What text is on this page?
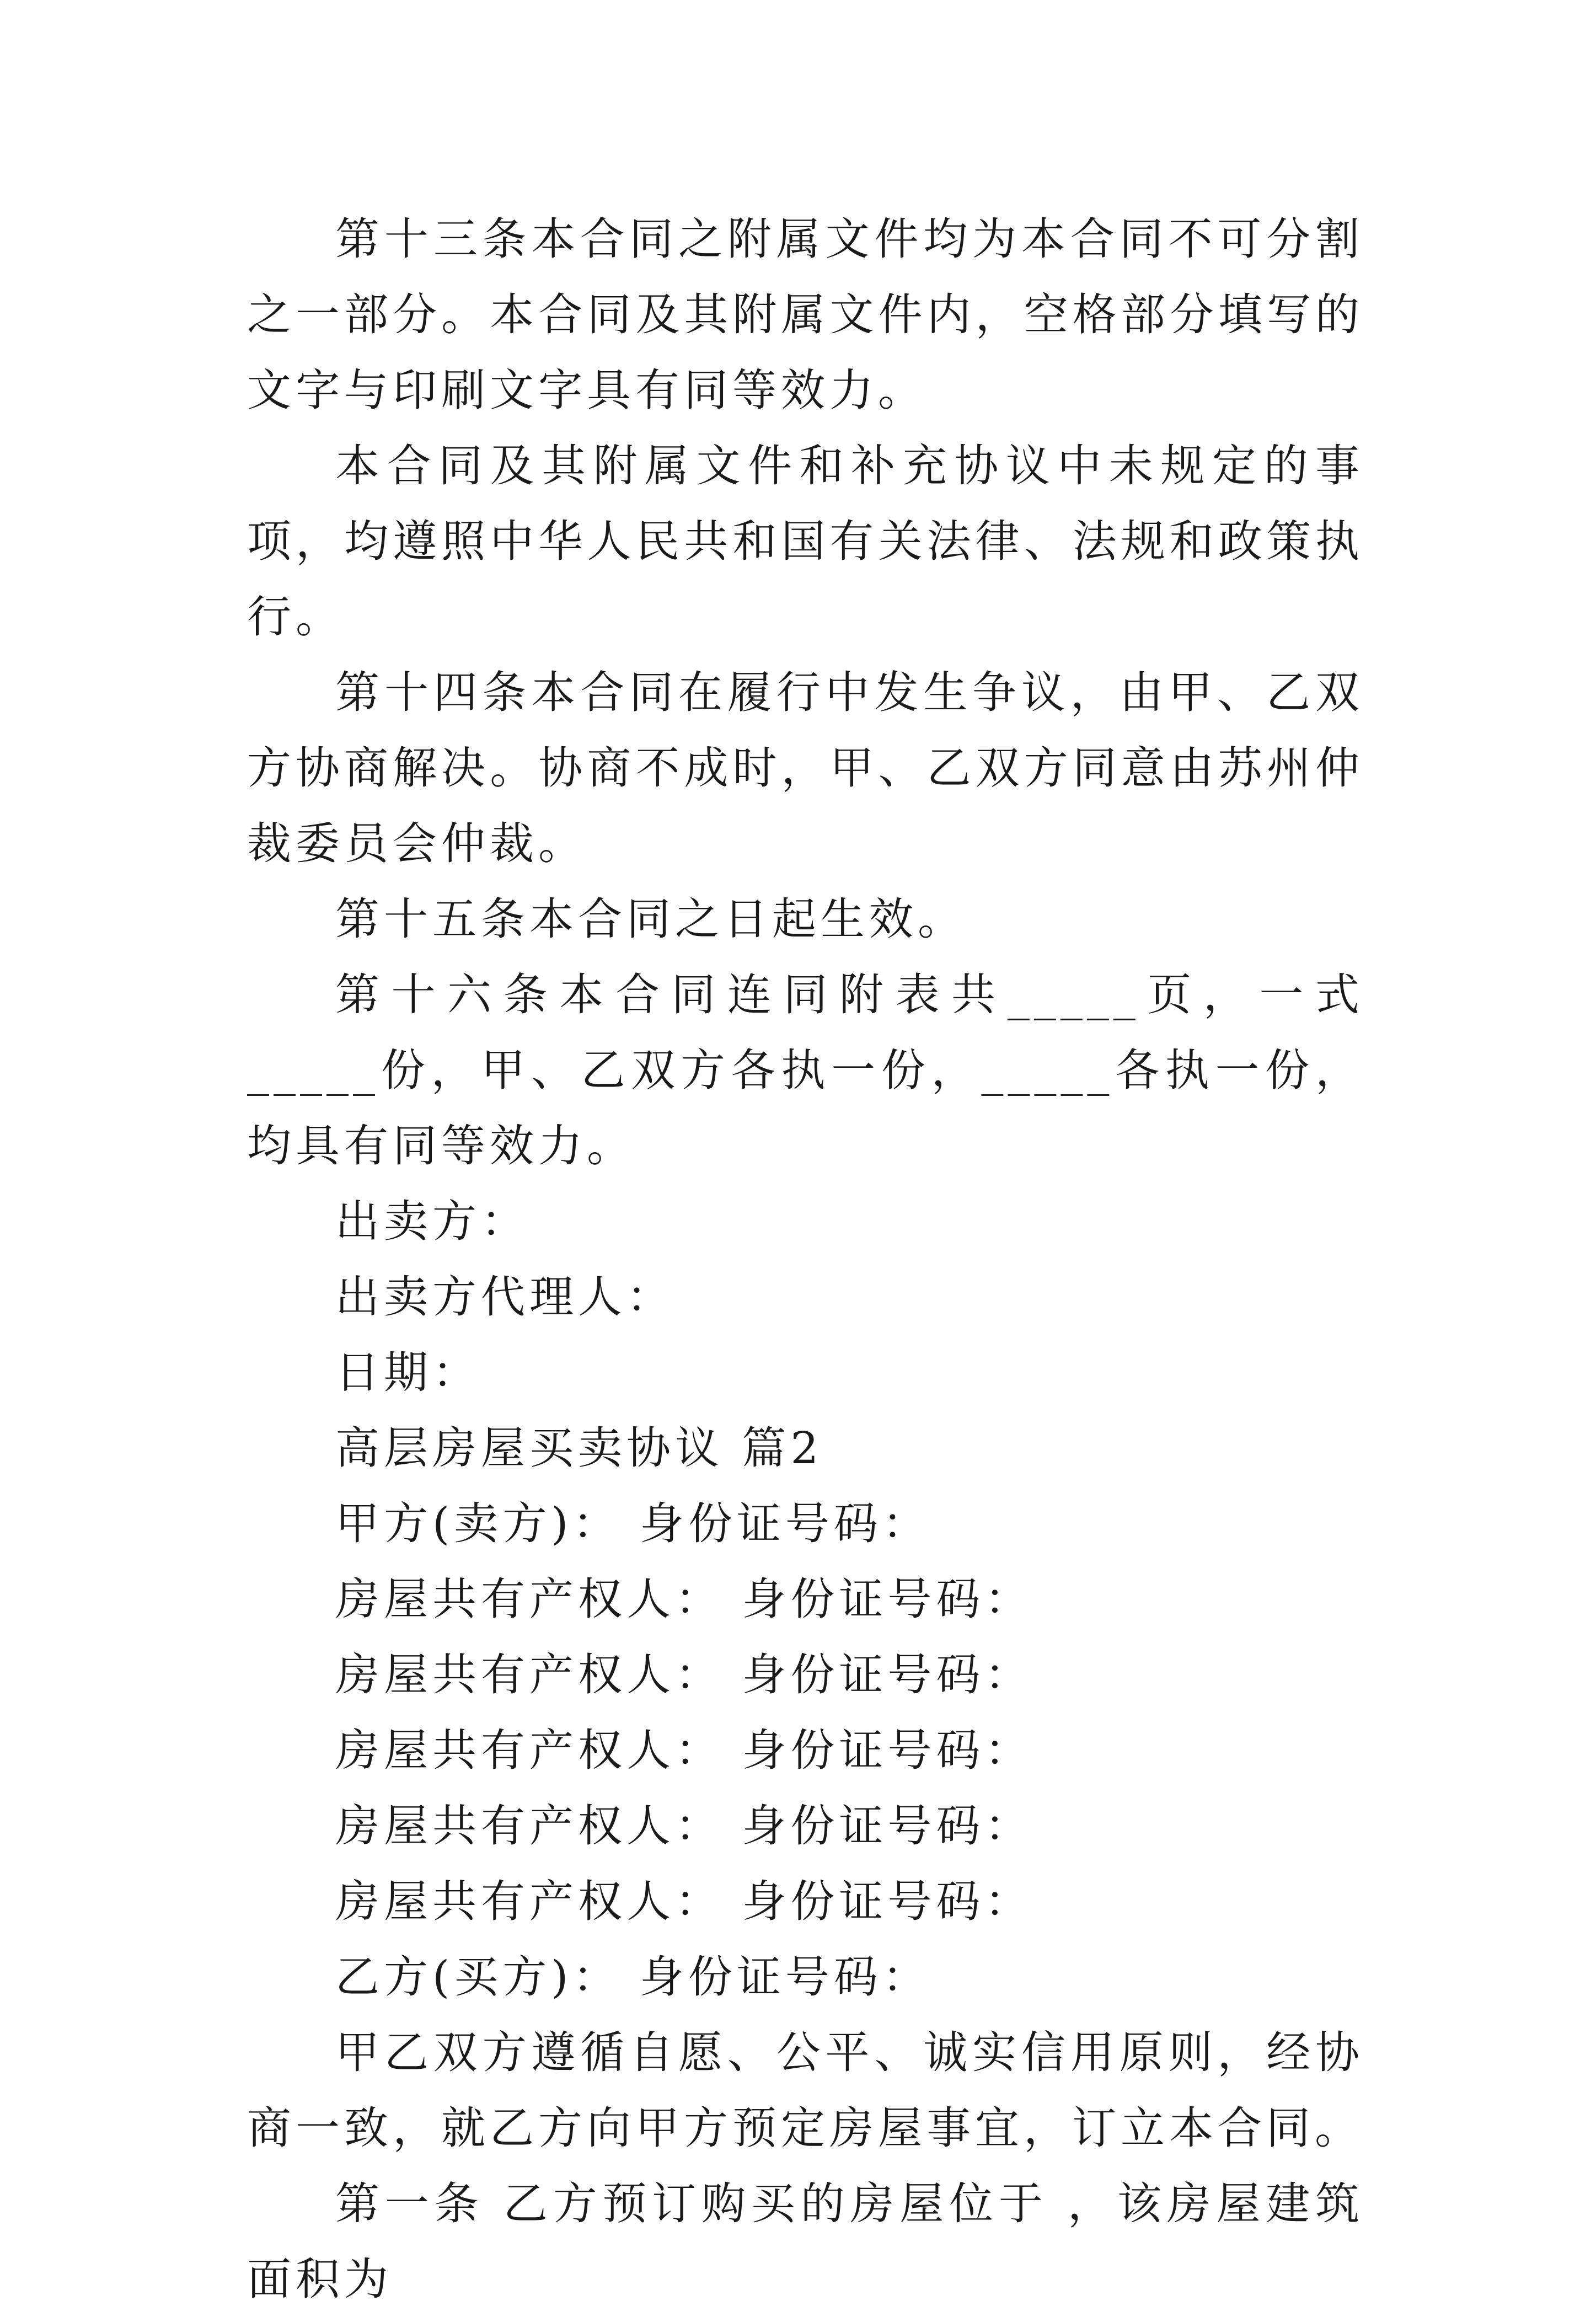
第十三条本合同之附属文件均为本合同不可分割之一部分。本合同及其附属文件内，空格部分填写的文字与印刷文字具有同等效力。

本合同及其附属文件和补充协议中未规定的事项，均遵照中华人民共和国有关法律、法规和政策执行。

第十四条本合同在履行中发生争议，由甲、乙双方协商解决。协商不成时，甲、乙双方同意由苏州仲裁委员会仲裁。

第十五条本合同之日起生效。

第十六条本合同连同附表共_____页，一式_____份，甲、乙双方各执一份，_____各执一份，均具有同等效力。

出卖方：

出卖方代理人：

日期：

高层房屋买卖协议 篇2

甲方(卖方)： 身份证号码：

房屋共有产权人： 身份证号码：

房屋共有产权人： 身份证号码：

房屋共有产权人： 身份证号码：

房屋共有产权人： 身份证号码：

房屋共有产权人： 身份证号码：

乙方(买方)： 身份证号码：

甲乙双方遵循自愿、公平、诚实信用原则，经协商一致，就乙方向甲方预定房屋事宜，订立本合同。

第一条 乙方预订购买的房屋位于 ，该房屋建筑面积为
